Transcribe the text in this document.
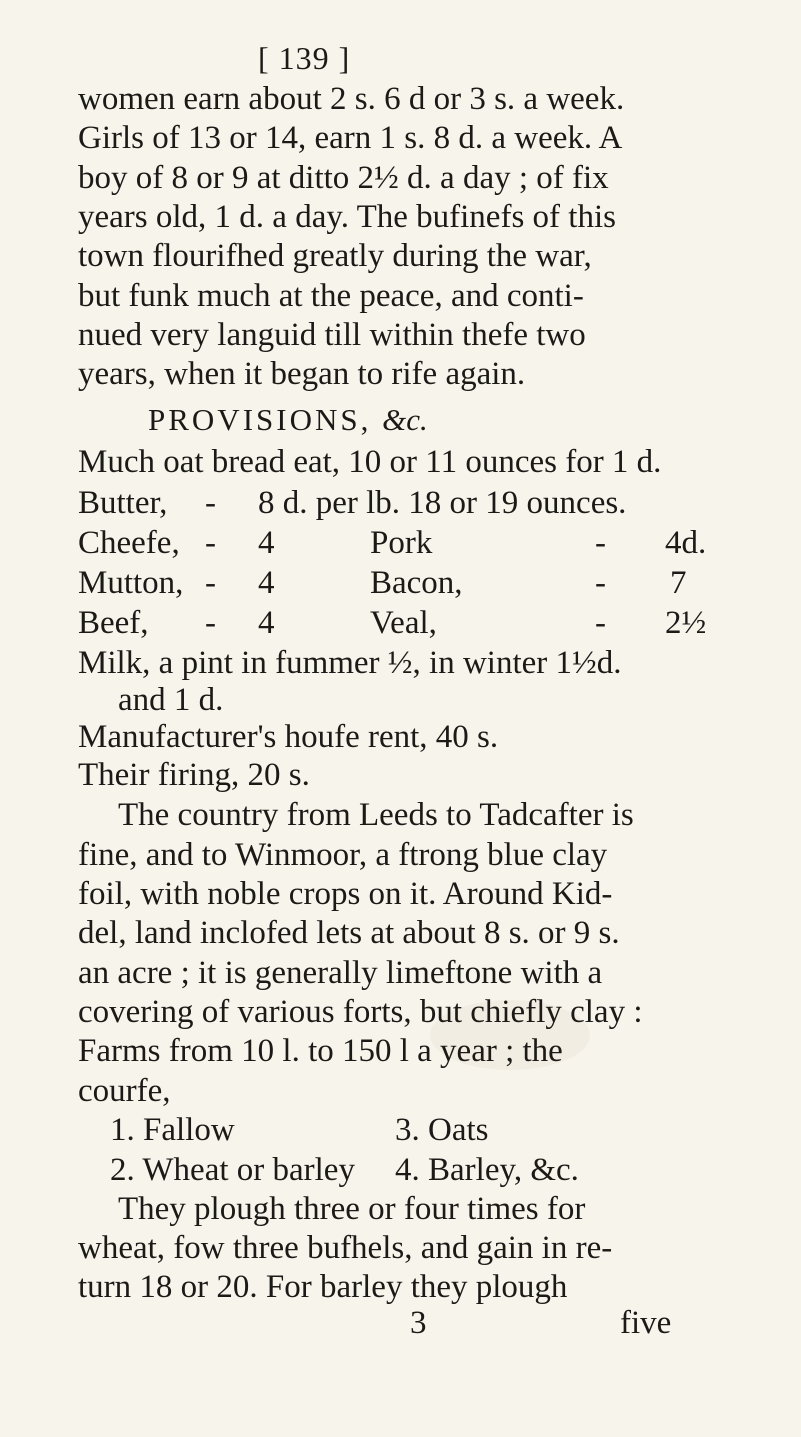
[ 139 ]
women earn about 2 s. 6 d or 3 s. a week.
Girls of 13 or 14, earn 1 s. 8 d. a week. A
boy of 8 or 9 at ditto 2½ d. a day ; of fix
years old, 1 d. a day. The bufinefs of this
town flourifhed greatly during the war,
but funk much at the peace, and conti-
nued very languid till within thefe two
years, when it began to rife again.
PROVISIONS, &c.
Much oat bread eat, 10 or 11 ounces for 1 d.
Butter, - 8 d. per lb. 18 or 19 ounces.
Cheefe, - 4	Pork	- 4d.
Mutton, - 4	Bacon,	- 7
Beef, - 4	Veal,	- 2½
Milk, a pint in fummer ½, in winter 1½d.
and 1 d.
Manufacturer's houfe rent, 40 s.
Their firing, 20 s.
The country from Leeds to Tadcafter is
fine, and to Winmoor, a ftrong blue clay
foil, with noble crops on it. Around Kid-
del, land inclofed lets at about 8 s. or 9 s.
an acre ; it is generally limeftone with a
covering of various forts, but chiefly clay :
Farms from 10 l. to 150 l a year ; the
courfe,
1. Fallow	3. Oats
2. Wheat or barley 4. Barley, &c.
They plough three or four times for
wheat, fow three bufhels, and gain in re-
turn 18 or 20. For barley they plough
3	five
